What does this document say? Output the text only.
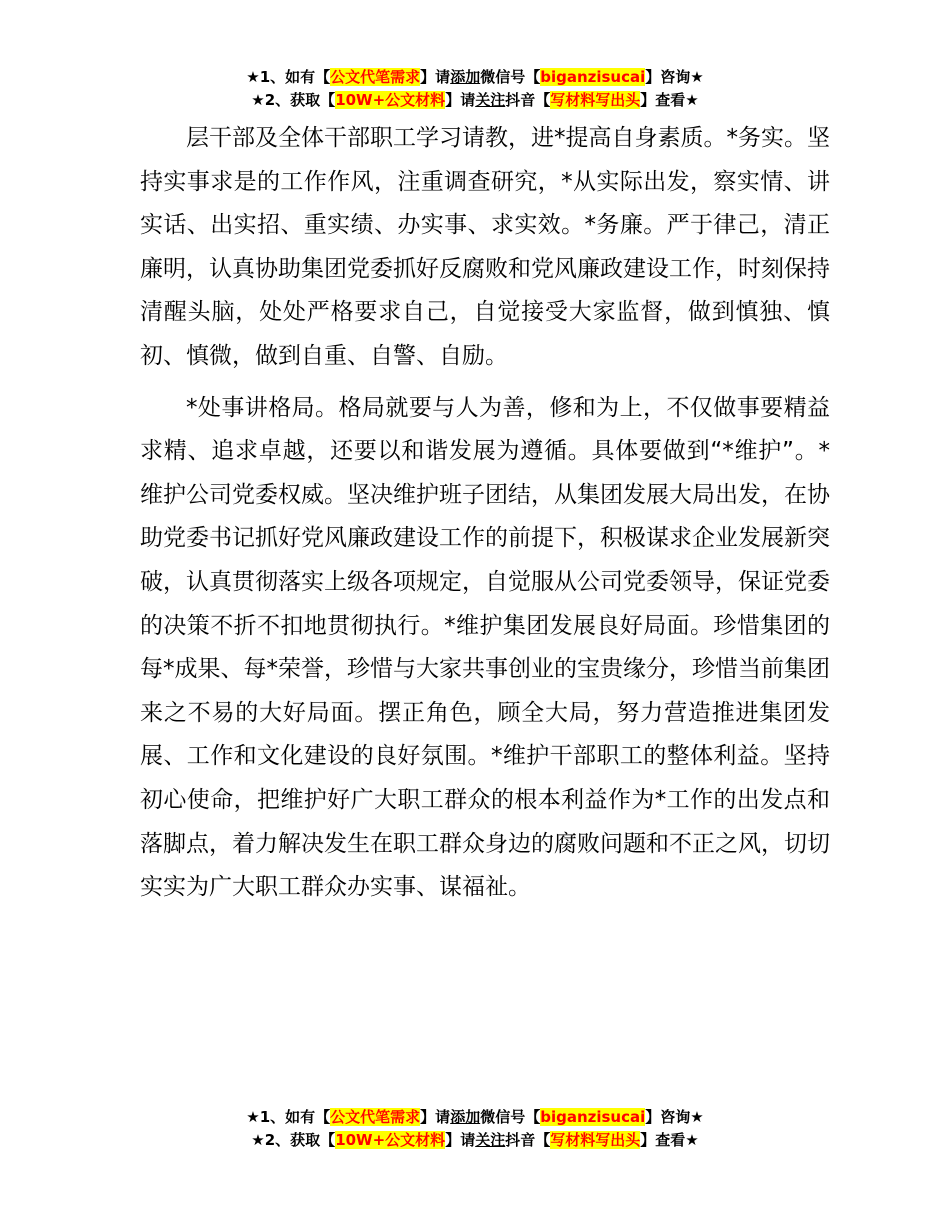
★1、如有【公文代笔需求】请添加微信号【biganzisucai】咨询★
★2、获取【10W+公文材料】请关注抖音【写材料写出头】查看★

层干部及全体干部职工学习请教，进*提高自身素质。*务实。坚持实事求是的工作作风，注重调查研究，*从实际出发，察实情、讲实话、出实招、重实绩、办实事、求实效。*务廉。严于律己，清正廉明，认真协助集团党委抓好反腐败和党风廉政建设工作，时刻保持清醒头脑，处处严格要求自己，自觉接受大家监督，做到慎独、慎初、慎微，做到自重、自警、自励。

*处事讲格局。格局就要与人为善，修和为上，不仅做事要精益求精、追求卓越，还要以和谐发展为遵循。具体要做到“*维护”。*维护公司党委权威。坚决维护班子团结，从集团发展大局出发，在协助党委书记抓好党风廉政建设工作的前提下，积极谋求企业发展新突破，认真贯彻落实上级各项规定，自觉服从公司党委领导，保证党委的决策不折不扣地贯彻执行。*维护集团发展良好局面。珍惜集团的每*成果、每*荣誉，珍惜与大家共事创业的宝贵缘分，珍惜当前集团来之不易的大好局面。摆正角色，顾全大局，努力营造推进集团发展、工作和文化建设的良好氛围。*维护干部职工的整体利益。坚持初心使命，把维护好广大职工群众的根本利益作为*工作的出发点和落脚点，着力解决发生在职工群众身边的腐败问题和不正之风，切切实实为广大职工群众办实事、谋福祉。

★1、如有【公文代笔需求】请添加微信号【biganzisucai】咨询★
★2、获取【10W+公文材料】请关注抖音【写材料写出头】查看★
